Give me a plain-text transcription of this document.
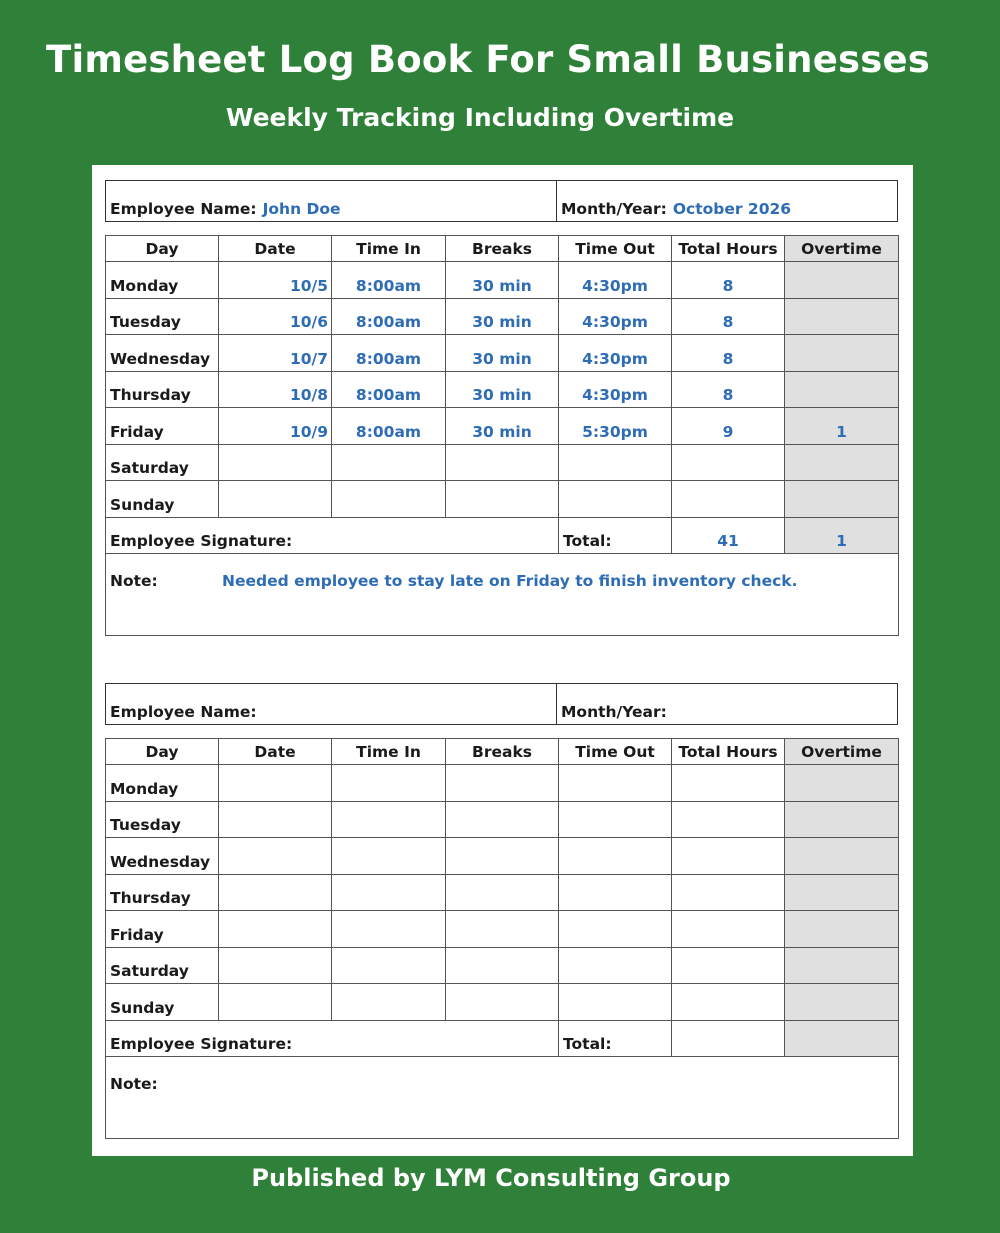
Timesheet Log Book For Small Businesses
Weekly Tracking Including Overtime
Employee Name: John Doe	Month/Year: October 2026
Day	Date	Time In	Breaks	Time Out	Total Hours	Overtime
Monday	10/5	8:00am	30 min	4:30pm	8	
Tuesday	10/6	8:00am	30 min	4:30pm	8	
Wednesday	10/7	8:00am	30 min	4:30pm	8	
Thursday	10/8	8:00am	30 min	4:30pm	8	
Friday	10/9	8:00am	30 min	5:30pm	9	1
Saturday						
Sunday						
Employee Signature:				Total:	41	1
Note: Needed employee to stay late on Friday to finish inventory check.						
Employee Name:	Month/Year:
Day	Date	Time In	Breaks	Time Out	Total Hours	Overtime
Monday						
Tuesday						
Wednesday						
Thursday						
Friday						
Saturday						
Sunday						
Employee Signature:				Total:		
Note:						
Published by LYM Consulting Group
